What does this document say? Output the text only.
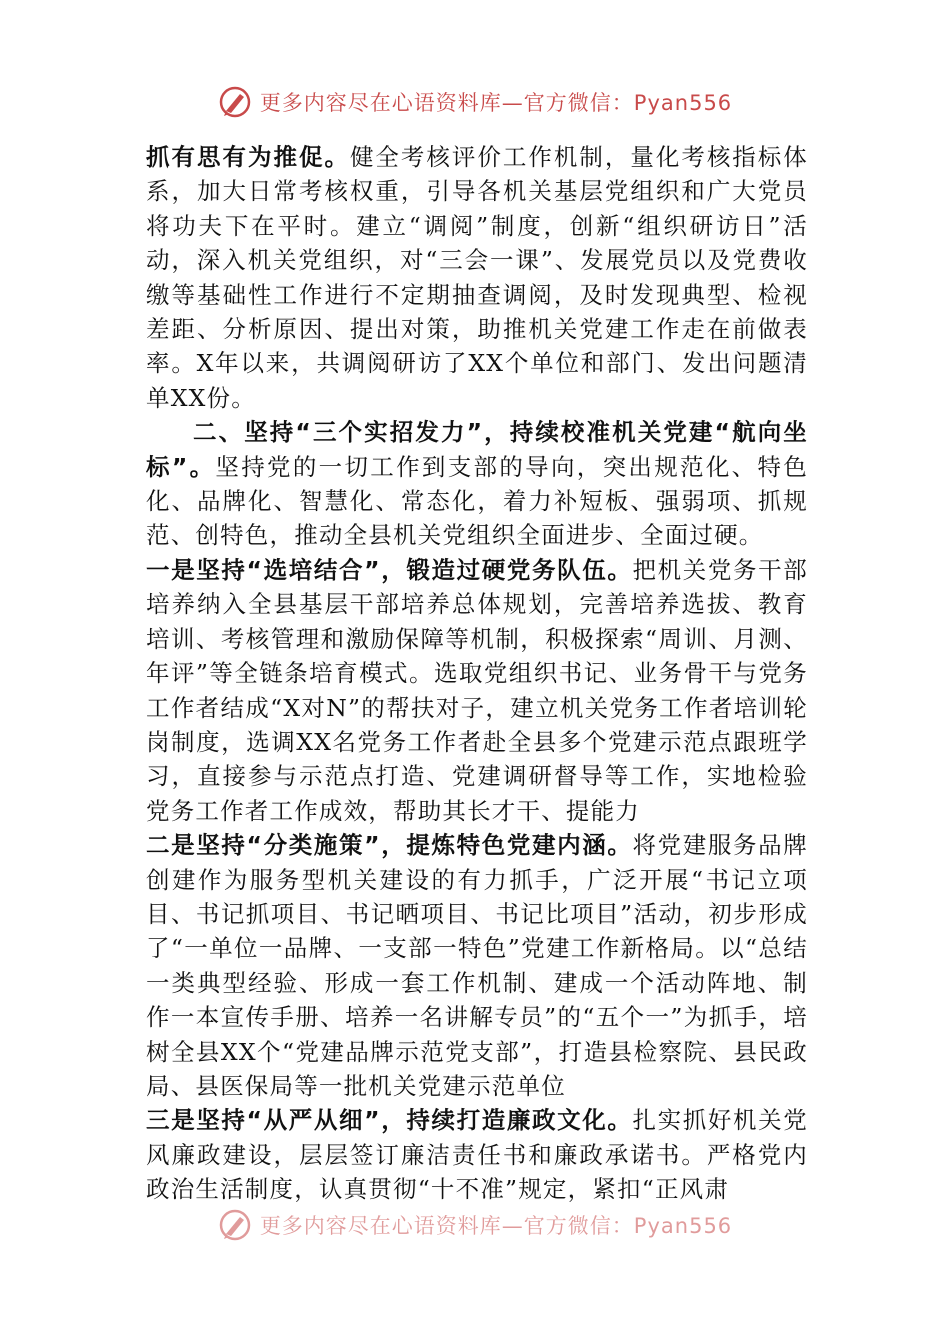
更多内容尽在心语资料库—官方微信：Pyan556

抓有思有为推促。健全考核评价工作机制，量化考核指标体系，加大日常考核权重，引导各机关基层党组织和广大党员将功夫下在平时。建立“调阅”制度，创新“组织研访日”活动，深入机关党组织，对“三会一课”、发展党员以及党费收缴等基础性工作进行不定期抽查调阅，及时发现典型、检视差距、分析原因、提出对策，助推机关党建工作走在前做表率。X年以来，共调阅研访了XX个单位和部门、发出问题清单XX份。

二、坚持“三个实招发力”，持续校准机关党建“航向坐标”。坚持党的一切工作到支部的导向，突出规范化、特色化、品牌化、智慧化、常态化，着力补短板、强弱项、抓规范、创特色，推动全县机关党组织全面进步、全面过硬。

一是坚持“选培结合”，锻造过硬党务队伍。把机关党务干部培养纳入全县基层干部培养总体规划，完善培养选拔、教育培训、考核管理和激励保障等机制，积极探索“周训、月测、年评”等全链条培育模式。选取党组织书记、业务骨干与党务工作者结成“X对N”的帮扶对子，建立机关党务工作者培训轮岗制度，选调XX名党务工作者赴全县多个党建示范点跟班学习，直接参与示范点打造、党建调研督导等工作，实地检验党务工作者工作成效，帮助其长才干、提能力

二是坚持“分类施策”，提炼特色党建内涵。将党建服务品牌创建作为服务型机关建设的有力抓手，广泛开展“书记立项目、书记抓项目、书记晒项目、书记比项目”活动，初步形成了“一单位一品牌、一支部一特色”党建工作新格局。以“总结一类典型经验、形成一套工作机制、建成一个活动阵地、制作一本宣传手册、培养一名讲解专员”的“五个一”为抓手，培树全县XX个“党建品牌示范党支部”，打造县检察院、县民政局、县医保局等一批机关党建示范单位

三是坚持“从严从细”，持续打造廉政文化。扎实抓好机关党风廉政建设，层层签订廉洁责任书和廉政承诺书。严格党内政治生活制度，认真贯彻“十不准”规定，紧扣“正风肃

更多内容尽在心语资料库—官方微信：Pyan556
